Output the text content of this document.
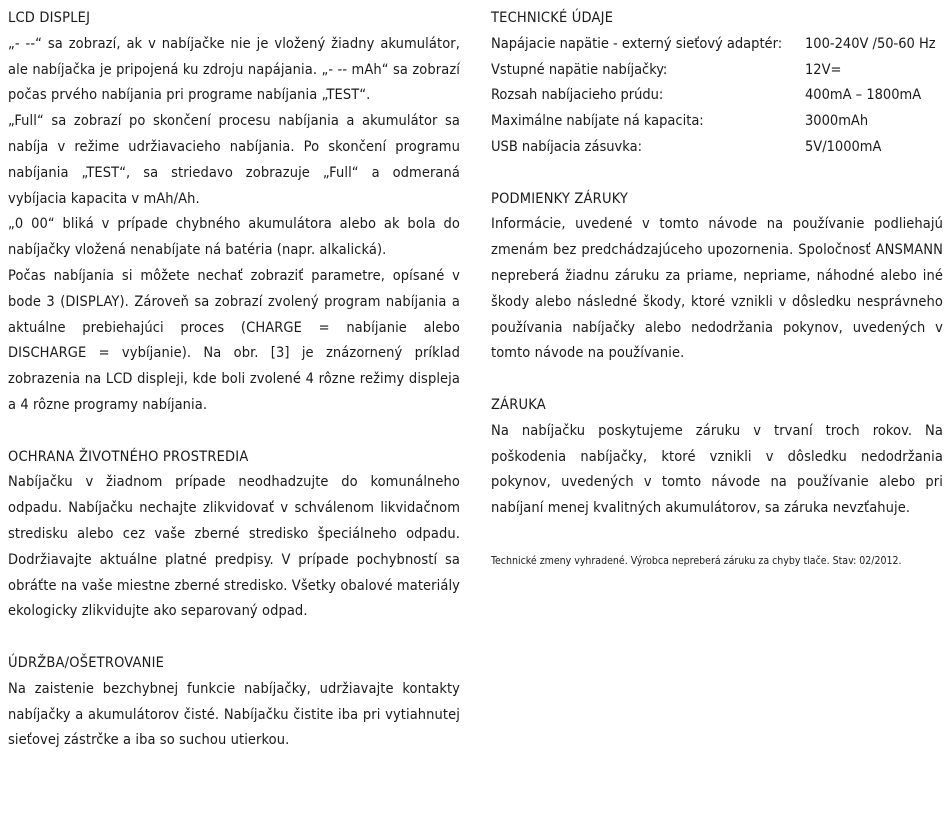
LCD DISPLEJ

„- --“ sa zobrazí, ak v nabíjačke nie je vložený žiadny akumulátor, ale nabíjačka je pripojená ku zdroju napájania. „- -- mAh“ sa zobrazí počas prvého nabíjania pri programe nabíjania „TEST“.

„Full“ sa zobrazí po skončení procesu nabíjania a akumulátor sa nabíja v režime udržiavacieho nabíjania. Po skončení programu nabíjania „TEST“, sa striedavo zobrazuje „Full“ a odmeraná vybíjacia kapacita v mAh/Ah.

„0 00“ bliká v prípade chybného akumulátora alebo ak bola do nabíjačky vložená nenabíjate ná batéria (napr. alkalická).

Počas nabíjania si môžete nechať zobraziť parametre, opísané v bode 3 (DISPLAY). Zároveň sa zobrazí zvolený program nabíjania a aktuálne prebiehajúci proces (CHARGE = nabíjanie alebo DISCHARGE = vybíjanie). Na obr. [3] je znázornený príklad zobrazenia na LCD displeji, kde boli zvolené 4 rôzne režimy displeja a 4 rôzne programy nabíjania.

OCHRANA ŽIVOTNÉHO PROSTREDIA

Nabíjačku v žiadnom prípade neodhadzujte do komunálneho odpadu. Nabíjačku nechajte zlikvidovať v schválenom likvidačnom stredisku alebo cez vaše zberné stredisko špeciálneho odpadu. Dodržiavajte aktuálne platné predpisy. V prípade pochybností sa obráťte na vaše miestne zberné stredisko. Všetky obalové materiály ekologicky zlikvidujte ako separovaný odpad.

ÚDRŽBA/OŠETROVANIE

Na zaistenie bezchybnej funkcie nabíjačky, udržiavajte kontakty nabíjačky a akumulátorov čisté. Nabíjačku čistite iba pri vytiahnutej sieťovej zástrčke a iba so suchou utierkou.

TECHNICKÉ ÚDAJE
Napájacie napätie - externý sieťový adaptér:	100-240V /50-60 Hz
Vstupné napätie nabíjačky:	12V=
Rozsah nabíjacieho prúdu:	400mA – 1800mA
Maximálne nabíjate ná kapacita:	3000mAh
USB nabíjacia zásuvka:	5V/1000mA
PODMIENKY ZÁRUKY

Informácie, uvedené v tomto návode na používanie podliehajú zmenám bez predchádzajúceho upozornenia. Spoločnosť ANSMANN nepreberá žiadnu záruku za priame, nepriame, náhodné alebo iné škody alebo následné škody, ktoré vznikli v dôsledku nesprávneho používania nabíjačky alebo nedodržania pokynov, uvedených v tomto návode na používanie.

ZÁRUKA

Na nabíjačku poskytujeme záruku v trvaní troch rokov. Na poškodenia nabíjačky, ktoré vznikli v dôsledku nedodržania pokynov, uvedených v tomto návode na používanie alebo pri nabíjaní menej kvalitných akumulátorov, sa záruka nevzťahuje.

Technické zmeny vyhradené. Výrobca nepreberá záruku za chyby tlače. Stav: 02/2012.
